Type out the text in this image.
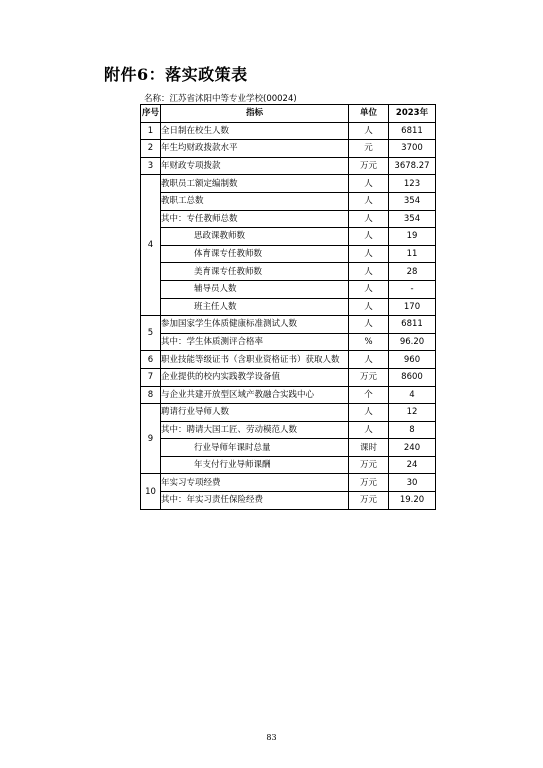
附件6：落实政策表
名称：江苏省沭阳中等专业学校(00024)
序号	指标	单位	2023年
1	全日制在校生人数	人	6811
2	年生均财政拨款水平	元	3700
3	年财政专项拨款	万元	3678.27
4	教职员工额定编制数	人	123
	教职工总数	人	354
	其中：专任教师总数	人	354
	思政课教师数	人	19
	体育课专任教师数	人	11
	美育课专任教师数	人	28
	辅导员人数	人	-
	班主任人数	人	170
5	参加国家学生体质健康标准测试人数	人	6811
	其中：学生体质测评合格率	%	96.20
6	职业技能等级证书（含职业资格证书）获取人数	人	960
7	企业提供的校内实践教学设备值	万元	8600
8	与企业共建开放型区域产教融合实践中心	个	4
9	聘请行业导师人数	人	12
	其中：聘请大国工匠、劳动模范人数	人	8
	行业导师年课时总量	课时	240
	年支付行业导师课酬	万元	24
10	年实习专项经费	万元	30
	其中：年实习责任保险经费	万元	19.20
83
